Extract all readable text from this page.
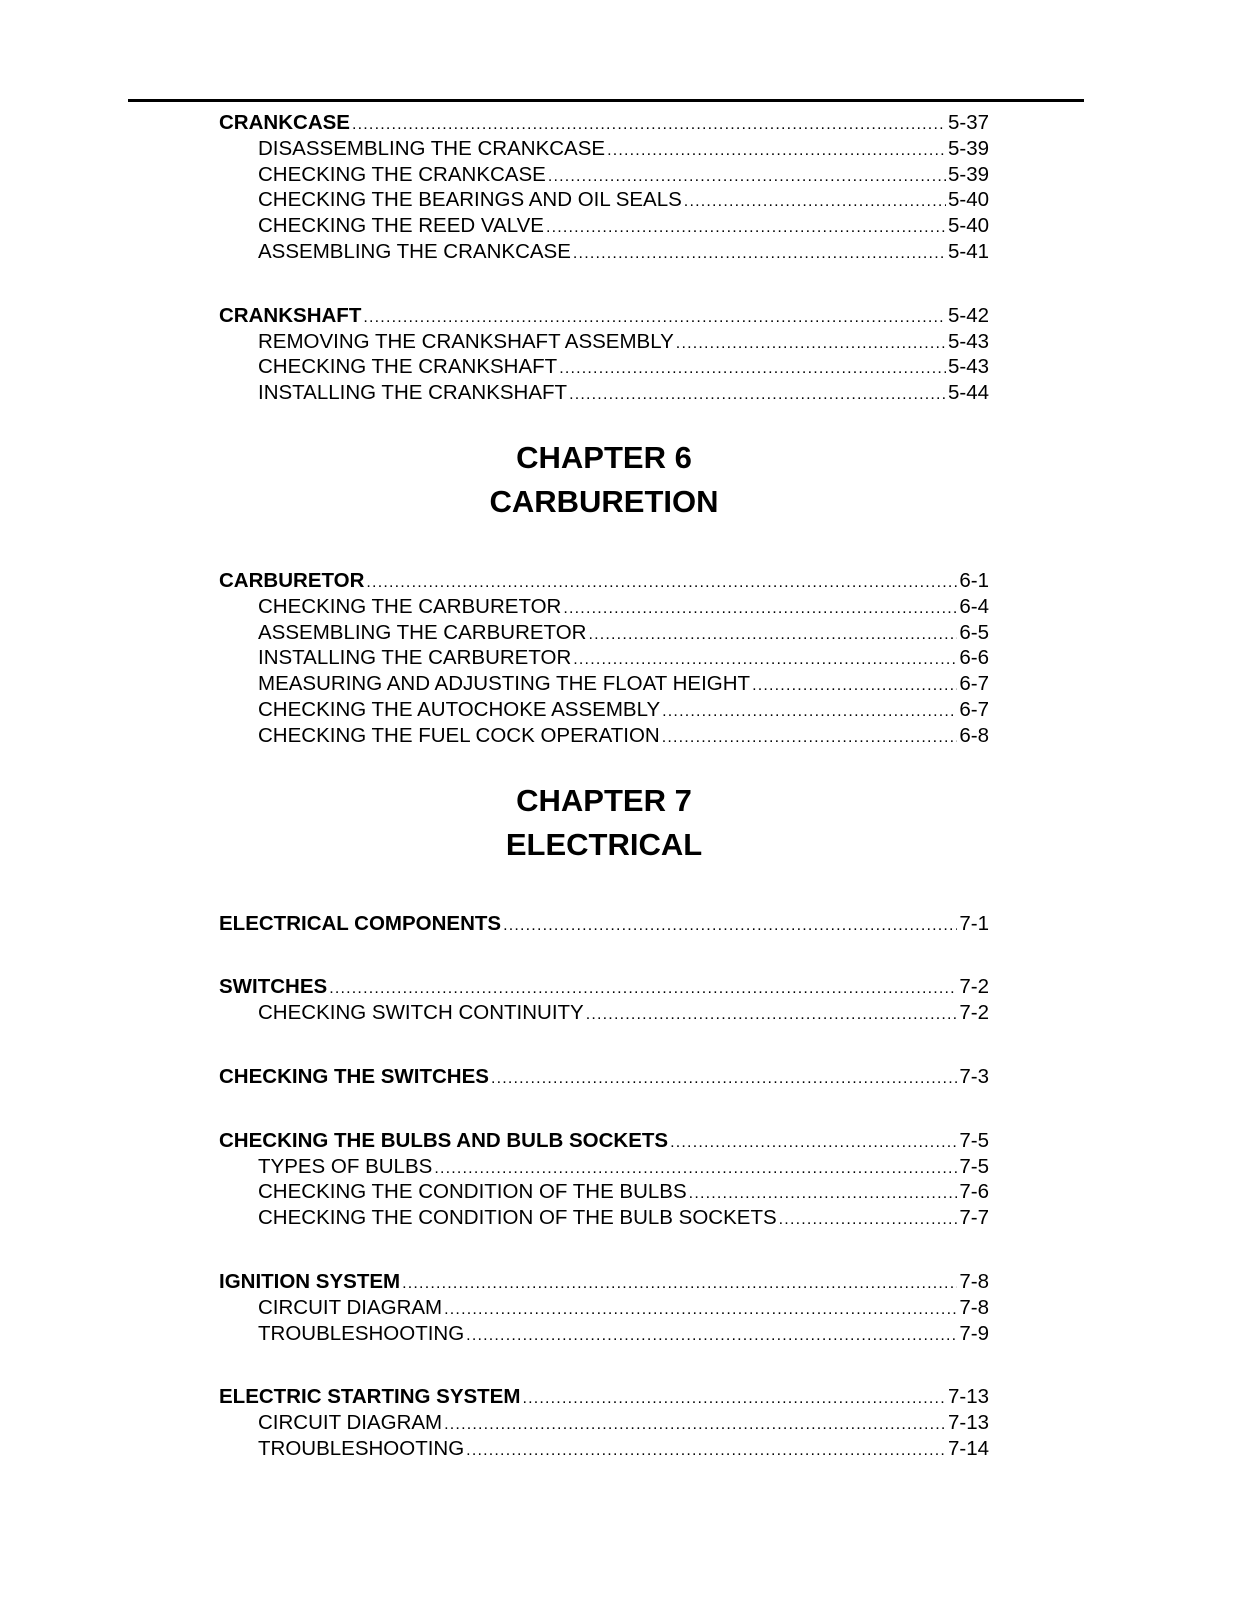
CRANKCASE .....	5-37
DISASSEMBLING THE CRANKCASE .....	5-39
CHECKING THE CRANKCASE .....	5-39
CHECKING THE BEARINGS AND OIL SEALS .....	5-40
CHECKING THE REED VALVE .....	5-40
ASSEMBLING THE CRANKCASE .....	5-41
CRANKSHAFT .....	5-42
REMOVING THE CRANKSHAFT ASSEMBLY .....	5-43
CHECKING THE CRANKSHAFT .....	5-43
INSTALLING THE CRANKSHAFT .....	5-44
CHAPTER 6
CARBURETION
CARBURETOR .....	6-1
CHECKING THE CARBURETOR .....	6-4
ASSEMBLING THE CARBURETOR .....	6-5
INSTALLING THE CARBURETOR .....	6-6
MEASURING AND ADJUSTING THE FLOAT HEIGHT .....	6-7
CHECKING THE AUTOCHOKE ASSEMBLY .....	6-7
CHECKING THE FUEL COCK OPERATION .....	6-8
CHAPTER 7
ELECTRICAL
ELECTRICAL COMPONENTS .....	7-1
SWITCHES .....	7-2
CHECKING SWITCH CONTINUITY .....	7-2
CHECKING THE SWITCHES .....	7-3
CHECKING THE BULBS AND BULB SOCKETS .....	7-5
TYPES OF BULBS .....	7-5
CHECKING THE CONDITION OF THE BULBS .....	7-6
CHECKING THE CONDITION OF THE BULB SOCKETS .....	7-7
IGNITION SYSTEM .....	7-8
CIRCUIT DIAGRAM .....	7-8
TROUBLESHOOTING .....	7-9
ELECTRIC STARTING SYSTEM .....	7-13
CIRCUIT DIAGRAM .....	7-13
TROUBLESHOOTING .....	7-14
